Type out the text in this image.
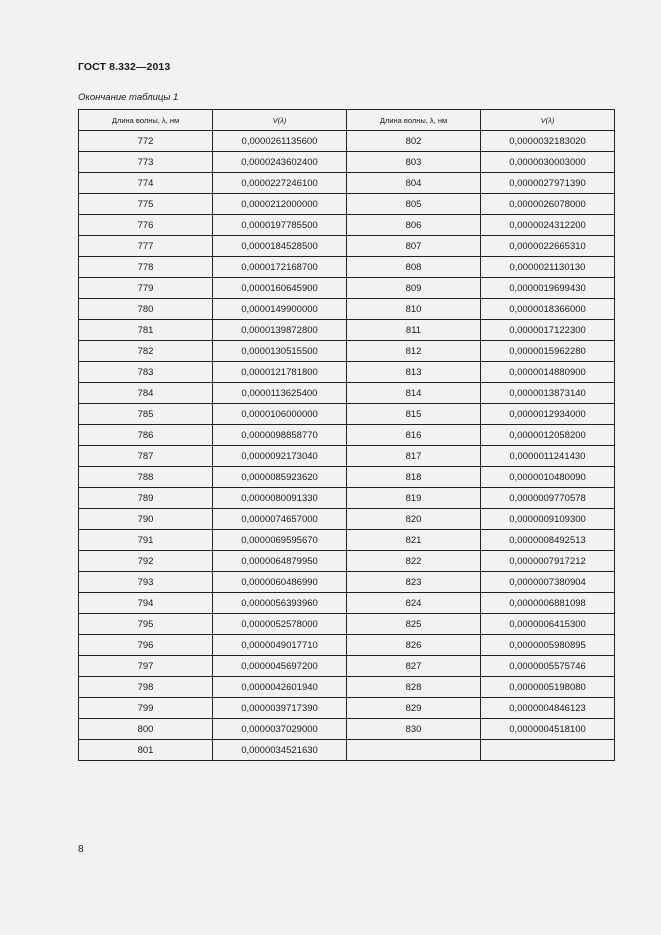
ГОСТ 8.332—2013
Окончание таблицы 1
Длина волны, λ, нм	V(λ)	Длина волны, λ, нм	V(λ)
772	0,0000261135600	802	0,0000032183020
773	0,0000243602400	803	0,0000030003000
774	0,0000227246100	804	0,0000027971390
775	0,0000212000000	805	0,0000026078000
776	0,0000197785500	806	0,0000024312200
777	0,0000184528500	807	0,0000022665310
778	0,0000172168700	808	0,0000021130130
779	0,0000160645900	809	0,0000019699430
780	0,0000149900000	810	0,0000018366000
781	0,0000139872800	811	0,0000017122300
782	0,0000130515500	812	0,0000015962280
783	0,0000121781800	813	0,0000014880900
784	0,0000113625400	814	0,0000013873140
785	0,0000106000000	815	0,0000012934000
786	0,0000098858770	816	0,0000012058200
787	0,0000092173040	817	0,0000011241430
788	0,0000085923620	818	0,0000010480090
789	0,0000080091330	819	0,0000009770578
790	0,0000074657000	820	0,0000009109300
791	0,0000069595670	821	0,0000008492513
792	0,0000064879950	822	0,0000007917212
793	0,0000060486990	823	0,0000007380904
794	0,0000056393960	824	0,0000006881098
795	0,0000052578000	825	0,0000006415300
796	0,0000049017710	826	0,0000005980895
797	0,0000045697200	827	0,0000005575746
798	0,0000042601940	828	0,0000005198080
799	0,0000039717390	829	0,0000004846123
800	0,0000037029000	830	0,0000004518100
801	0,0000034521630		
8
